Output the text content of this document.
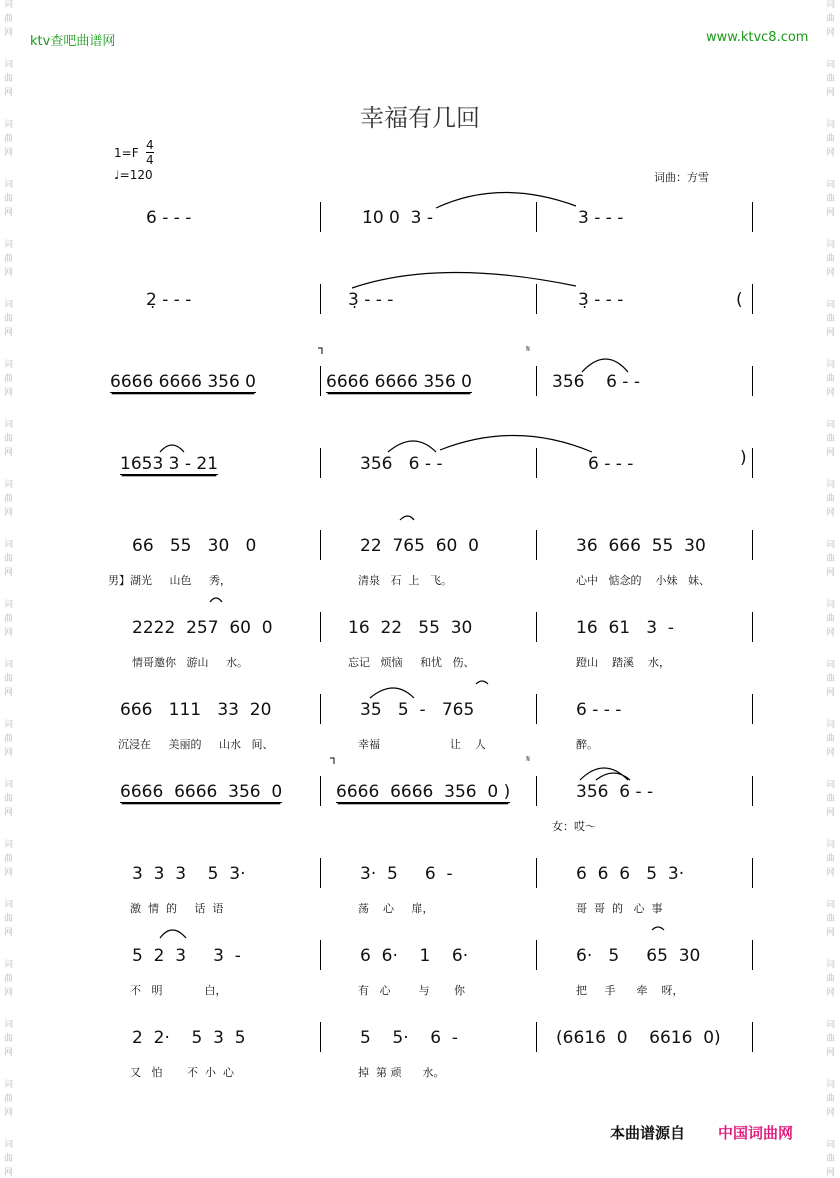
词
曲
网
词
曲
网
词
曲
网
词
曲
网
词
曲
网
词
曲
网
词
曲
网
词
曲
网
词
曲
网
词
曲
网
词
曲
网
词
曲
网
词
曲
网
词
曲
网
词
曲
网
词
曲
网
词
曲
网
词
曲
网
词
曲
网
词
曲
网
词
曲
网
词
曲
网
词
曲
网
词
曲
网
词
曲
网
词
曲
网
词
曲
网
词
曲
网
词
曲
网
词
曲
网
词
曲
网
词
曲
网
词
曲
网
词
曲
网
词
曲
网
词
曲
网
词
曲
网
词
曲
网
词
曲
网
词
曲
网
ktv查吧曲谱网	www.ktvc8.com
幸福有几回
$1=F \frac{4}{4}$
♩=120	词曲：方雪
6 - - -	1̇0 0  3 -	3 - - -
2̣ - - -	3̣ - - -	3̣ - - -	(
6666 6666 356 0	6666 6666 356 0	356    6 - -
1653 3 - 21	356   6 - -	6 - - -	)
66   55   30   0	22  765  60  0	36  666  55  30
男】湖光     山色     秀，	清泉   石  上   飞。	心中   惦念的    小妹   妹、
2222  257  60  0	16  22   55  30	16  61   3  -
情哥邀你   游山     水。	忘记   烦恼     和忧   伤、	蹬山    踏溪    水，
666   111   33  20	35   5  -   765	6 - - -
沉浸在     美丽的     山水   间、	幸福                    让    人	醉。
6666  6666  356  0	6666  6666  356  0 )	356  6 - -
女：哎～
3  3  3    5  3·	3·  5     6  -	6  6  6   5  3·
激  情  的     话  语	荡    心     扉，	哥  哥  的   心  事
5  2  3     3  -	6  6·    1    6·	6·   5     65  30
不   明            白，	有   心        与       你	把     手      牵    呀，
2  2·    5  3  5	5    5·    6  -	(6616  0    6616  0)
又   怕       不  小  心	掉  第 顽      水。
𝄋
𝄋
本曲谱源自 中国词曲网
